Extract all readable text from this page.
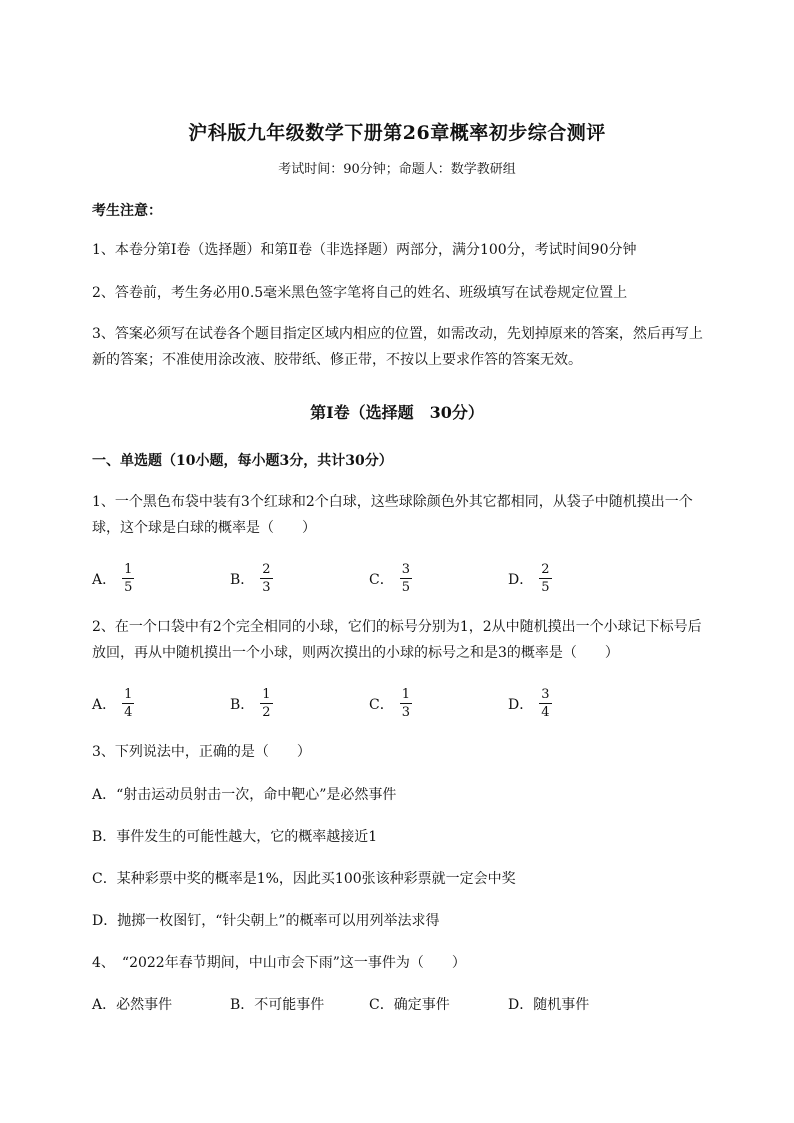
沪科版九年级数学下册第26章概率初步综合测评
考试时间：90分钟；命题人：数学教研组
考生注意：
1、本卷分第I卷（选择题）和第Ⅱ卷（非选择题）两部分，满分100分，考试时间90分钟
2、答卷前，考生务必用0.5毫米黑色签字笔将自己的姓名、班级填写在试卷规定位置上
3、答案必须写在试卷各个题目指定区域内相应的位置，如需改动，先划掉原来的答案，然后再写上新的答案；不准使用涂改液、胶带纸、修正带，不按以上要求作答的答案无效。
第I卷（选择题　30分）
一、单选题（10小题，每小题3分，共计30分）
1、一个黑色布袋中装有3个红球和2个白球，这些球除颜色外其它都相同，从袋子中随机摸出一个球，这个球是白球的概率是（　　）
A． $\frac{1}{5}$	B． $\frac{2}{3}$	C． $\frac{3}{5}$	D． $\frac{2}{5}$
2、在一个口袋中有2个完全相同的小球，它们的标号分别为1，2从中随机摸出一个小球记下标号后放回，再从中随机摸出一个小球，则两次摸出的小球的标号之和是3的概率是（　　）
A． $\frac{1}{4}$	B． $\frac{1}{2}$	C． $\frac{1}{3}$	D． $\frac{3}{4}$
3、下列说法中，正确的是（　　）
A．“射击运动员射击一次，命中靶心”是必然事件
B．事件发生的可能性越大，它的概率越接近1
C．某种彩票中奖的概率是1%，因此买100张该种彩票就一定会中奖
D．抛掷一枚图钉，“针尖朝上”的概率可以用列举法求得
4、　“2022年春节期间，中山市会下雨”这一事件为（　　）
A．必然事件	B．不可能事件	C．确定事件	D．随机事件
